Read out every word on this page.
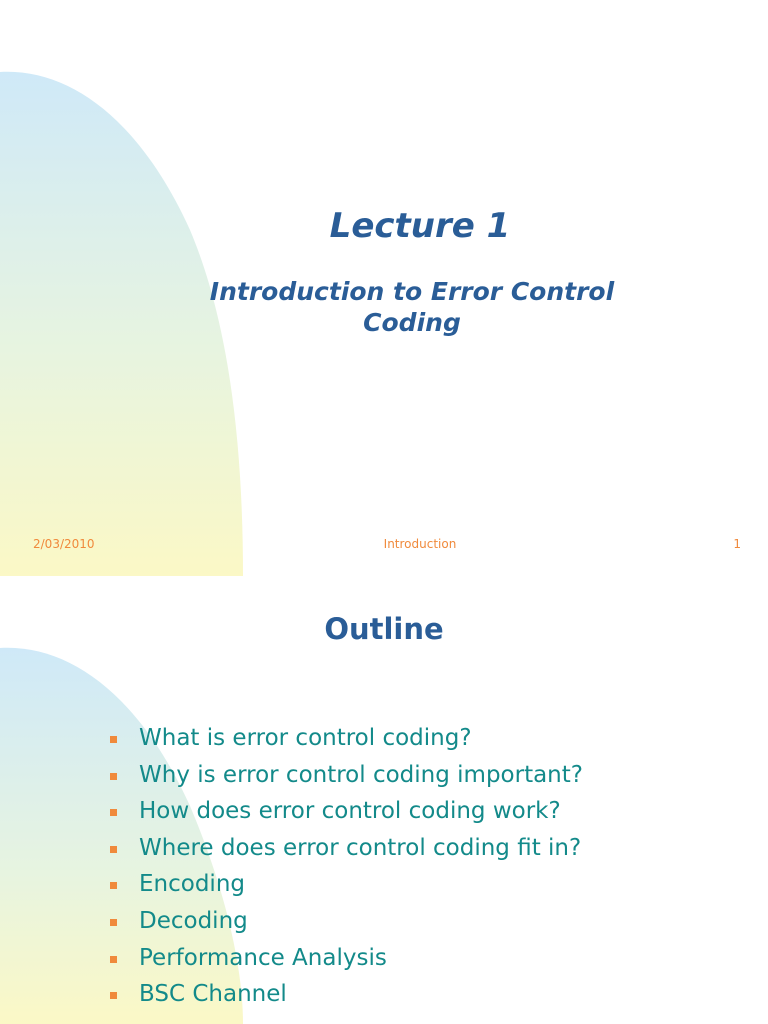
Lecture 1
Introduction to Error Control
Coding
2/03/2010	Introduction	1
Outline
What is error control coding?
Why is error control coding important?
How does error control coding work?
Where does error control coding fit in?
Encoding
Decoding
Performance Analysis
BSC Channel
